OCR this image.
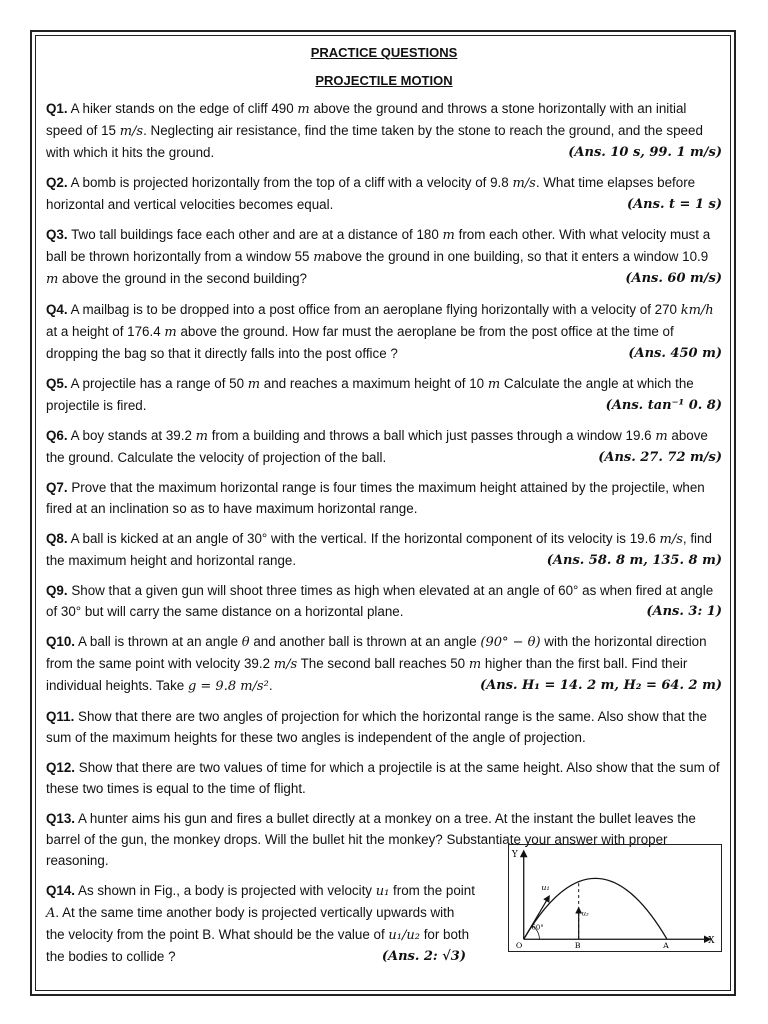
PRACTICE QUESTIONS

PROJECTILE MOTION

Q1. A hiker stands on the edge of cliff 490 m above the ground and throws a stone horizontally with an initial speed of 15 m/s. Neglecting air resistance, find the time taken by the stone to reach the ground, and the speed with which it hits the ground.	(Ans. 10 s, 99. 1 m/s)

Q2. A bomb is projected horizontally from the top of a cliff with a velocity of 9.8 m/s. What time elapses before horizontal and vertical velocities becomes equal.	(Ans. t = 1 s)

Q3. Two tall buildings face each other and are at a distance of 180 m from each other. With what velocity must a ball be thrown horizontally from a window 55 mabove the ground in one building, so that it enters a window 10.9 m above the ground in the second building?	(Ans. 60 m/s)

Q4. A mailbag is to be dropped into a post office from an aeroplane flying horizontally with a velocity of 270 km/h at a height of 176.4 m above the ground. How far must the aeroplane be from the post office at the time of dropping the bag so that it directly falls into the post office ?	(Ans. 450 m)

Q5. A projectile has a range of 50 m and reaches a maximum height of 10 m Calculate the angle at which the projectile is fired.	(Ans. tan⁻¹ 0. 8)

Q6. A boy stands at 39.2 m from a building and throws a ball which just passes through a window 19.6 m above the ground. Calculate the velocity of projection of the ball.	(Ans. 27. 72 m/s)

Q7. Prove that the maximum horizontal range is four times the maximum height attained by the projectile, when fired at an inclination so as to have maximum horizontal range.

Q8. A ball is kicked at an angle of 30° with the vertical. If the horizontal component of its velocity is 19.6 m/s, find the maximum height and horizontal range.	(Ans. 58. 8 m, 135. 8 m)

Q9. Show that a given gun will shoot three times as high when elevated at an angle of 60° as when fired at angle of 30° but will carry the same distance on a horizontal plane.	(Ans. 3: 1)

Q10. A ball is thrown at an angle θ and another ball is thrown at an angle (90° − θ) with the horizontal direction from the same point with velocity 39.2 m/s The second ball reaches 50 m higher than the first ball. Find their individual heights. Take g = 9.8 m/s².	(Ans. H₁ = 14. 2 m, H₂ = 64. 2 m)

Q11. Show that there are two angles of projection for which the horizontal range is the same. Also show that the sum of the maximum heights for these two angles is independent of the angle of projection.

Q12. Show that there are two values of time for which a projectile is at the same height. Also show that the sum of these two times is equal to the time of flight.

Q13. A hunter aims his gun and fires a bullet directly at a monkey on a tree. At the instant the bullet leaves the barrel of the gun, the monkey drops. Will the bullet hit the monkey? Substantiate your answer with proper reasoning.

Q14. As shown in Fig., a body is projected with velocity u₁ from the point A. At the same time another body is projected vertically upwards with the velocity from the point B. What should be the value of u₁/u₂ for both the bodies to collide ?	(Ans. 2: √3)
Y
X
O	B	A
u₁
u₂
60°
